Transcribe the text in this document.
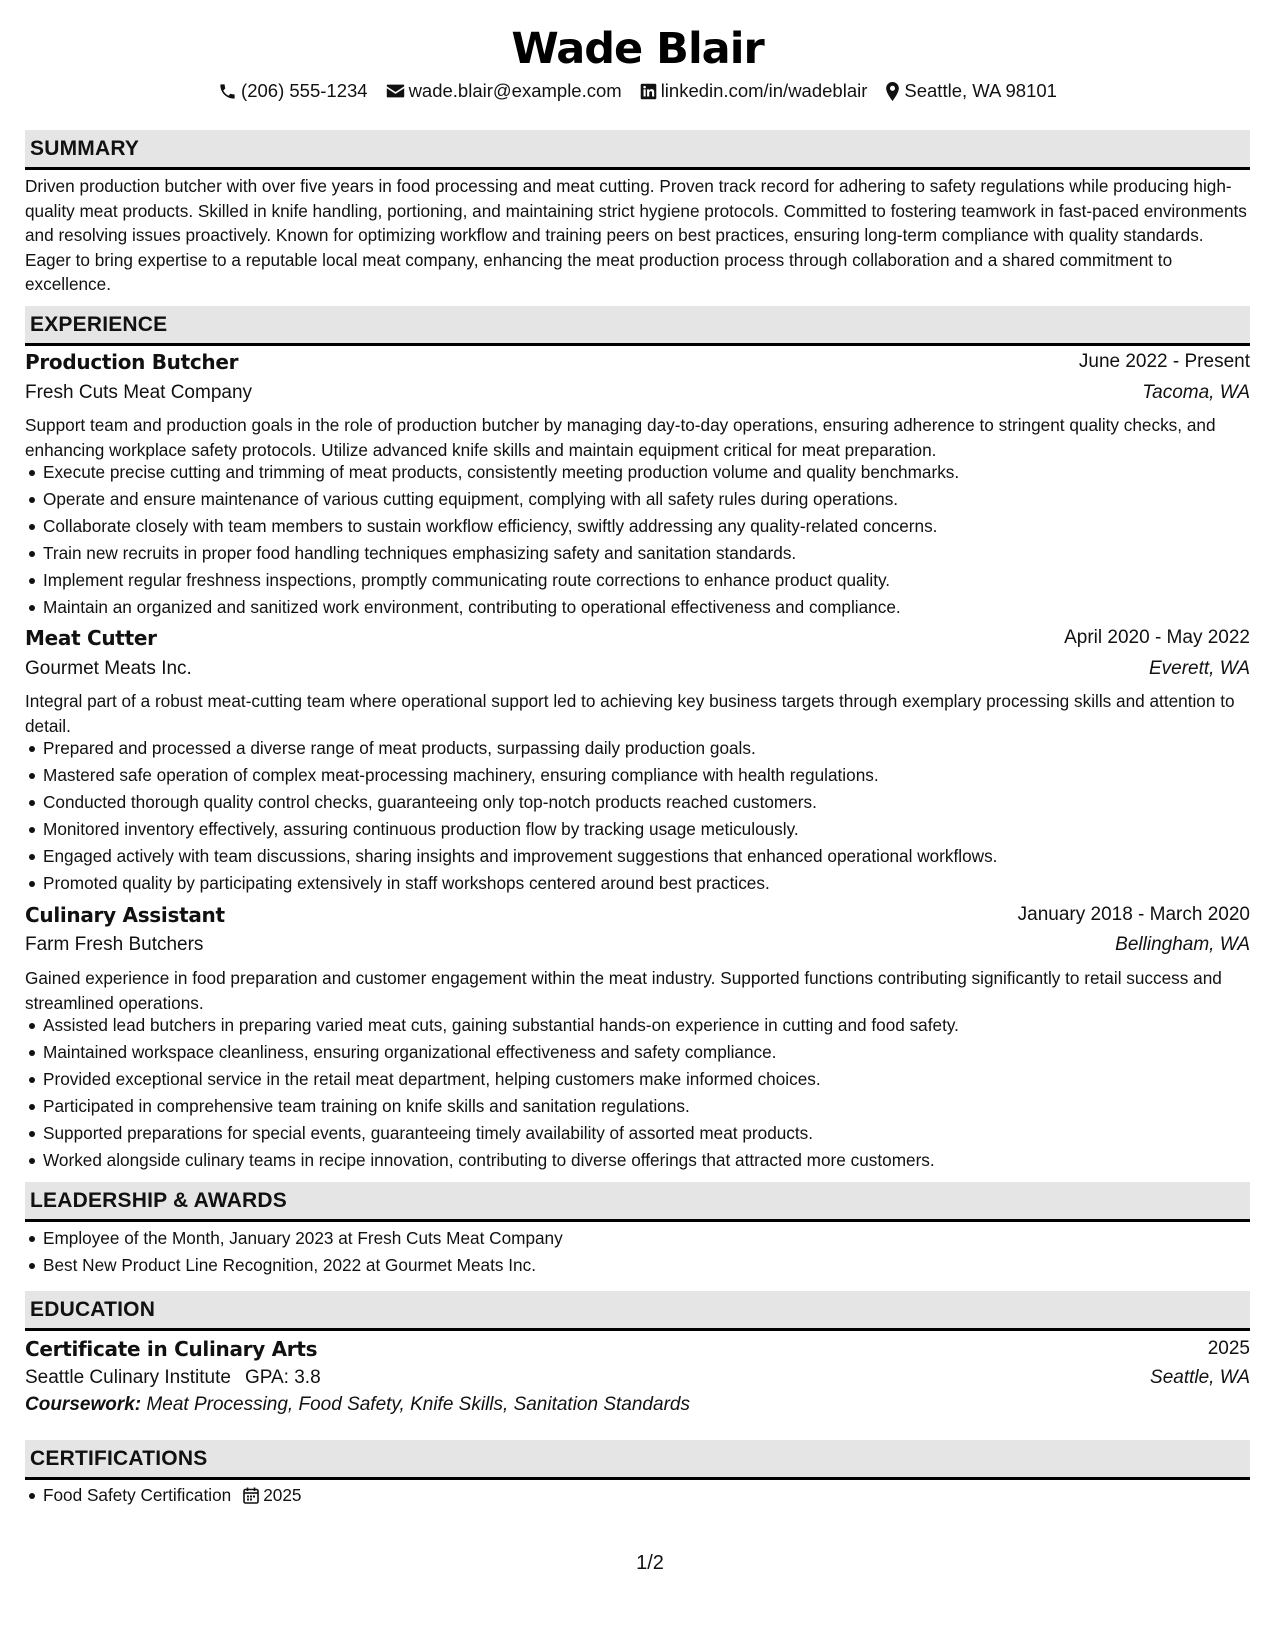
Wade Blair
(206) 555-1234 wade.blair@example.com linkedin.com/in/wadeblair Seattle, WA 98101
SUMMARY

Driven production butcher with over five years in food processing and meat cutting. Proven track record for adhering to safety regulations while producing high-quality meat products. Skilled in knife handling, portioning, and maintaining strict hygiene protocols. Committed to fostering teamwork in fast-paced environments and resolving issues proactively. Known for optimizing workflow and training peers on best practices, ensuring long-term compliance with quality standards. Eager to bring expertise to a reputable local meat company, enhancing the meat production process through collaboration and a shared commitment to excellence.

EXPERIENCE
Production Butcher	June 2022 - Present
Fresh Cuts Meat Company	Tacoma, WA

Support team and production goals in the role of production butcher by managing day-to-day operations, ensuring adherence to stringent quality checks, and enhancing workplace safety protocols. Utilize advanced knife skills and maintain equipment critical for meat preparation.

Execute precise cutting and trimming of meat products, consistently meeting production volume and quality benchmarks.
Operate and ensure maintenance of various cutting equipment, complying with all safety rules during operations.
Collaborate closely with team members to sustain workflow efficiency, swiftly addressing any quality-related concerns.
Train new recruits in proper food handling techniques emphasizing safety and sanitation standards.
Implement regular freshness inspections, promptly communicating route corrections to enhance product quality.
Maintain an organized and sanitized work environment, contributing to operational effectiveness and compliance.
Meat Cutter	April 2020 - May 2022
Gourmet Meats Inc.	Everett, WA

Integral part of a robust meat-cutting team where operational support led to achieving key business targets through exemplary processing skills and attention to detail.

Prepared and processed a diverse range of meat products, surpassing daily production goals.
Mastered safe operation of complex meat-processing machinery, ensuring compliance with health regulations.
Conducted thorough quality control checks, guaranteeing only top-notch products reached customers.
Monitored inventory effectively, assuring continuous production flow by tracking usage meticulously.
Engaged actively with team discussions, sharing insights and improvement suggestions that enhanced operational workflows.
Promoted quality by participating extensively in staff workshops centered around best practices.
Culinary Assistant	January 2018 - March 2020
Farm Fresh Butchers	Bellingham, WA

Gained experience in food preparation and customer engagement within the meat industry. Supported functions contributing significantly to retail success and streamlined operations.

Assisted lead butchers in preparing varied meat cuts, gaining substantial hands-on experience in cutting and food safety.
Maintained workspace cleanliness, ensuring organizational effectiveness and safety compliance.
Provided exceptional service in the retail meat department, helping customers make informed choices.
Participated in comprehensive team training on knife skills and sanitation regulations.
Supported preparations for special events, guaranteeing timely availability of assorted meat products.
Worked alongside culinary teams in recipe innovation, contributing to diverse offerings that attracted more customers.
LEADERSHIP & AWARDS
Employee of the Month, January 2023 at Fresh Cuts Meat Company
Best New Product Line Recognition, 2022 at Gourmet Meats Inc.
EDUCATION
Certificate in Culinary Arts	2025
Seattle Culinary Institute GPA: 3.8	Seattle, WA
Coursework: Meat Processing, Food Safety, Knife Skills, Sanitation Standards
CERTIFICATIONS
Food Safety Certification 2025
1/2
